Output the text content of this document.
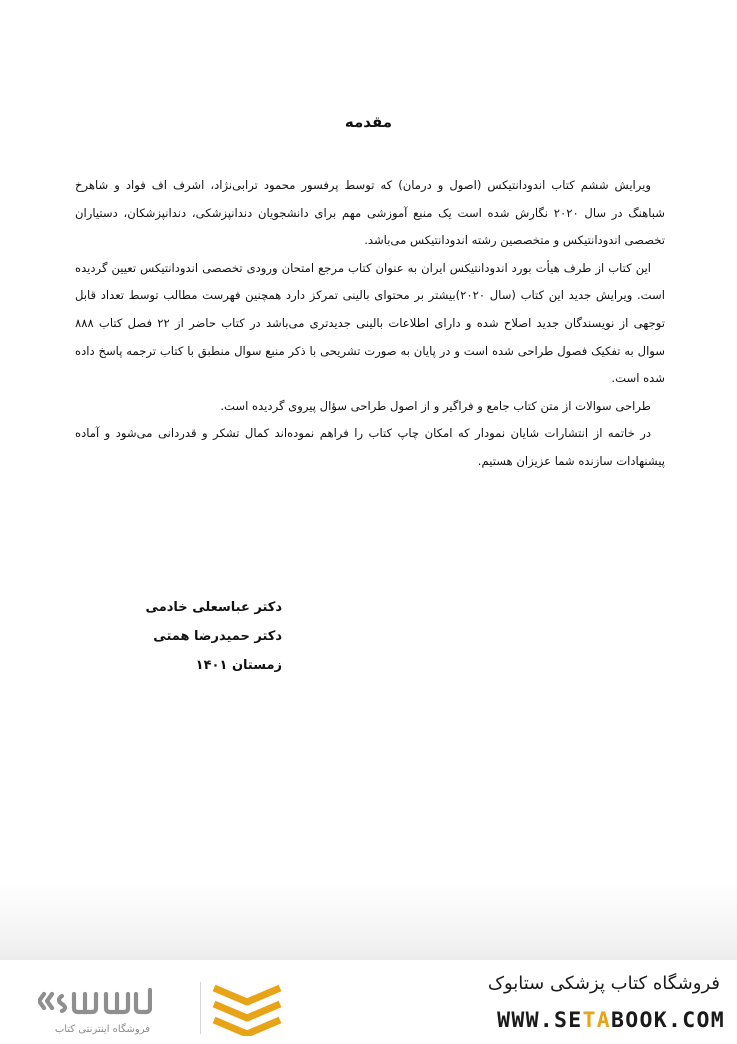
مقدمه

ویرایش ششم کتاب اندودانتیکس (اصول و درمان) که توسط پرفسور محمود ترابی‌نژاد، اشرف اف فواد و شاهرخ شباهنگ در سال ۲۰۲۰ نگارش شده است یک منبع آموزشی مهم برای دانشجویان دندانپزشکی، دندانپزشکان، دستیاران تخصصی اندودانتیکس و متخصصین رشته اندودانتیکس می‌باشد.

این کتاب از طرف هیأت بورد اندودانتیکس ایران به عنوان کتاب مرجع امتحان ورودی تخصصی اندودانتیکس تعیین گردیده است. ویرایش جدید این کتاب (سال ۲۰۲۰)بیشتر بر محتوای بالینی تمرکز دارد همچنین فهرست مطالب توسط تعداد قابل توجهی از نویسندگان جدید اصلاح شده و دارای اطلاعات بالینی جدیدتری می‌باشد در کتاب حاضر از ۲۲ فصل کتاب ۸۸۸ سوال به تفکیک فصول طراحی شده است و در پایان به صورت تشریحی با ذکر منبع سوال منطبق با کتاب ترجمه پاسخ داده شده است.

طراحی سوالات از متن کتاب جامع و فراگیر و از اصول طراحی سؤال پیروی گردیده است.

در خاتمه از انتشارات شایان نمودار که امکان چاپ کتاب را فراهم نموده‌اند کمال تشکر و قدردانی می‌شود و آماده پیشنهادات سازنده شما عزیزان هستیم.

دکتر عباسعلی خادمی
دکتر حمیدرضا همتی
زمستان ۱۴۰۱
فروشگاه اینترنتی کتاب
فروشگاه کتاب پزشکی ستابوک
WWW.SETABOOK.COM
